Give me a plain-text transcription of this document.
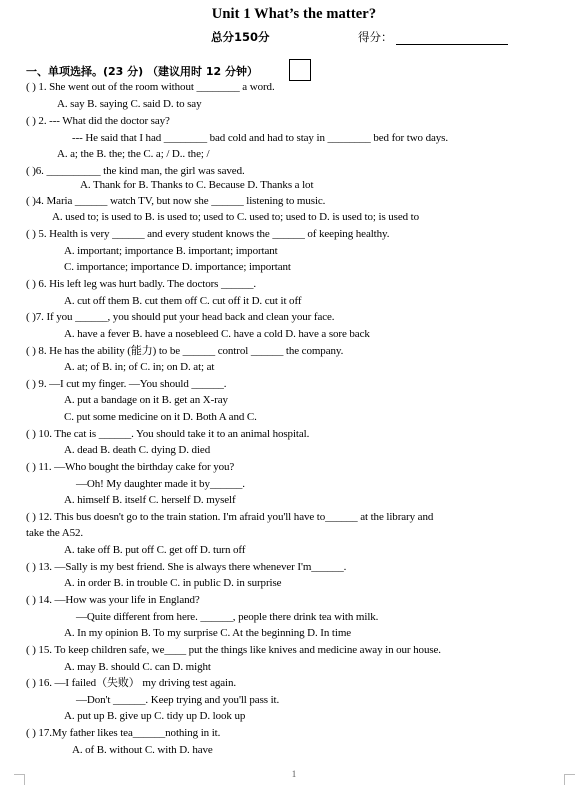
Unit 1 What’s the matter?
总分150分	得分：
一、单项选择。(23 分) （建议用时 12 分钟）
( ) 1. She went out of the room without ________ a word.
A. say B. saying C. said D. to say
( ) 2. --- What did the doctor say?
--- He said that I had ________ bad cold and had to stay in ________ bed for two days.
A. a; the B. the; the C. a; / D.. the; /
( )6. __________ the kind man, the girl was saved.
A. Thank for B. Thanks to C. Because D. Thanks a lot
( )4. Maria ______ watch TV, but now she ______ listening to music.
A. used to; is used to B. is used to; used to C. used to; used to D. is used to; is used to
( ) 5. Health is very ______ and every student knows the ______ of keeping healthy.
A. important; importance B. important; important
C. importance; importance D. importance; important
( ) 6. His left leg was hurt badly. The doctors ______.
A. cut off them B. cut them off C. cut off it D. cut it off
( )7. If you ______, you should put your head back and clean your face.
A. have a fever B. have a nosebleed C. have a cold D. have a sore back
( ) 8. He has the ability (能力) to be ______ control ______ the company.
A. at; of B. in; of C. in; on D. at; at
( ) 9. —I cut my finger. —You should ______.
A. put a bandage on it B. get an X-ray
C. put some medicine on it D. Both A and C.
( ) 10. The cat is ______. You should take it to an animal hospital.
A. dead B. death C. dying D. died
( ) 11. —Who bought the birthday cake for you?
—Oh! My daughter made it by______.
A. himself B. itself C. herself D. myself
( ) 12. This bus doesn't go to the train station. I'm afraid you'll have to______ at the library and
take the A52.
A. take off B. put off C. get off D. turn off
( ) 13. —Sally is my best friend. She is always there whenever I'm______.
A. in order B. in trouble C. in public D. in surprise
( ) 14. —How was your life in England?
—Quite different from here. ______, people there drink tea with milk.
A. In my opinion B. To my surprise C. At the beginning D. In time
( ) 15. To keep children safe, we____ put the things like knives and medicine away in our house.
A. may B. should C. can D. might
( ) 16. —I failed（失败） my driving test again.
—Don't ______. Keep trying and you'll pass it.
A. put up B. give up C. tidy up D. look up
( ) 17.My father likes tea______nothing in it.
A. of B. without C. with D. have
1
